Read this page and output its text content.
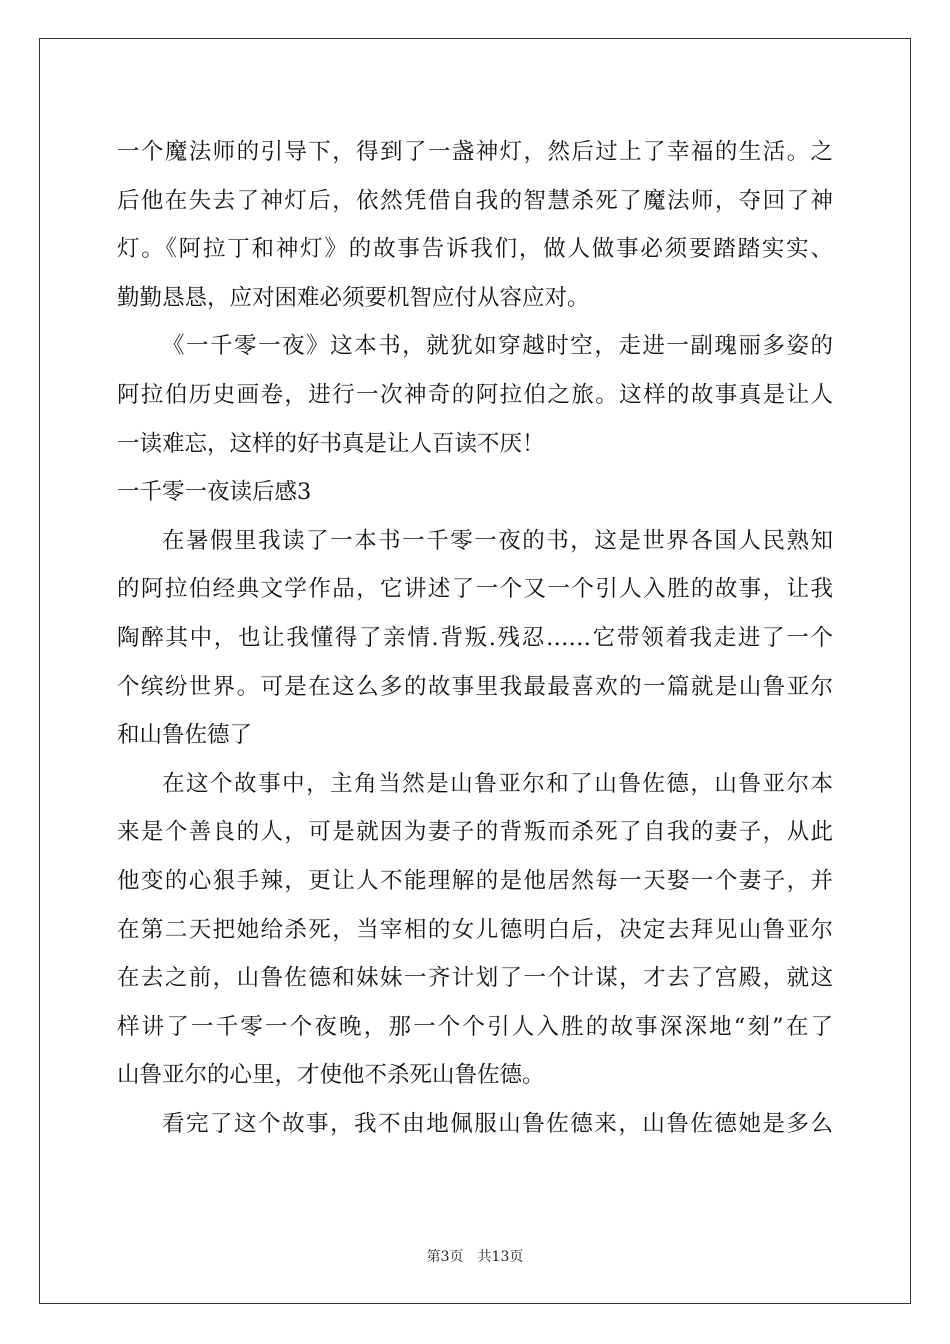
一个魔法师的引导下，得到了一盏神灯，然后过上了幸福的生活。之
后他在失去了神灯后，依然凭借自我的智慧杀死了魔法师，夺回了神
灯。《阿拉丁和神灯》的故事告诉我们，做人做事必须要踏踏实实、
勤勤恳恳，应对困难必须要机智应付从容应对。
《一千零一夜》这本书，就犹如穿越时空，走进一副瑰丽多姿的
阿拉伯历史画卷，进行一次神奇的阿拉伯之旅。这样的故事真是让人
一读难忘，这样的好书真是让人百读不厌！
一千零一夜读后感3
在暑假里我读了一本书一千零一夜的书，这是世界各国人民熟知
的阿拉伯经典文学作品，它讲述了一个又一个引人入胜的故事，让我
陶醉其中，也让我懂得了亲情.背叛.残忍……它带领着我走进了一个
个缤纷世界。可是在这么多的故事里我最最喜欢的一篇就是山鲁亚尔
和山鲁佐德了
在这个故事中，主角当然是山鲁亚尔和了山鲁佐德，山鲁亚尔本
来是个善良的人，可是就因为妻子的背叛而杀死了自我的妻子，从此
他变的心狠手辣，更让人不能理解的是他居然每一天娶一个妻子，并
在第二天把她给杀死，当宰相的女儿德明白后，决定去拜见山鲁亚尔
在去之前，山鲁佐德和妹妹一齐计划了一个计谋，才去了宫殿，就这
样讲了一千零一个夜晚，那一个个引人入胜的故事深深地“刻”在了
山鲁亚尔的心里，才使他不杀死山鲁佐德。
看完了这个故事，我不由地佩服山鲁佐德来，山鲁佐德她是多么
第3页 共13页
